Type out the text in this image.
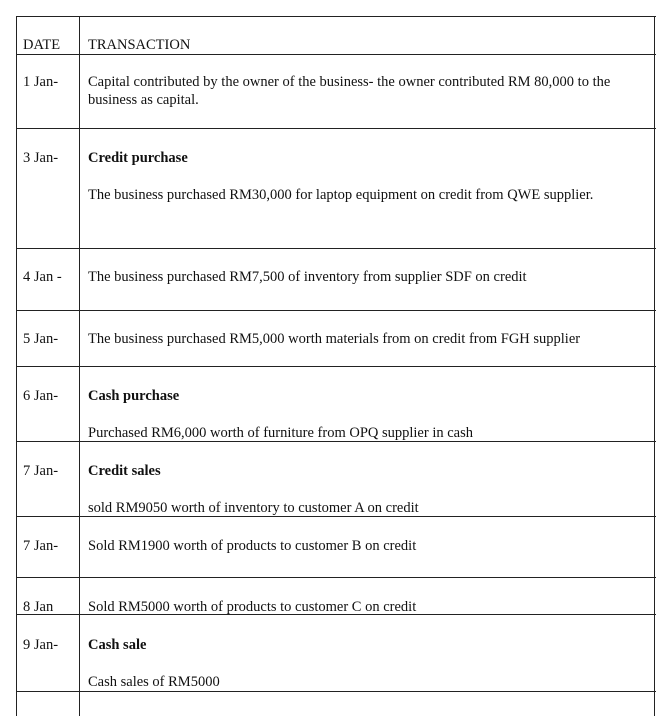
DATE TRANSACTION
1 Jan- Capital contributed by the owner of the business- the owner contributed RM 80,000 to the business as capital.
3 Jan- Credit purchase
The business purchased RM30,000 for laptop equipment on credit from QWE supplier.
4 Jan - The business purchased RM7,500 of inventory from supplier SDF on credit
5 Jan- The business purchased RM5,000 worth materials from on credit from FGH supplier
6 Jan- Cash purchase
Purchased RM6,000 worth of furniture from OPQ supplier in cash
7 Jan- Credit sales
sold RM9050 worth of inventory to customer A on credit
7 Jan- Sold RM1900 worth of products to customer B on credit
8 Jan Sold RM5000 worth of products to customer C on credit
9 Jan- Cash sale
Cash sales of RM5000
